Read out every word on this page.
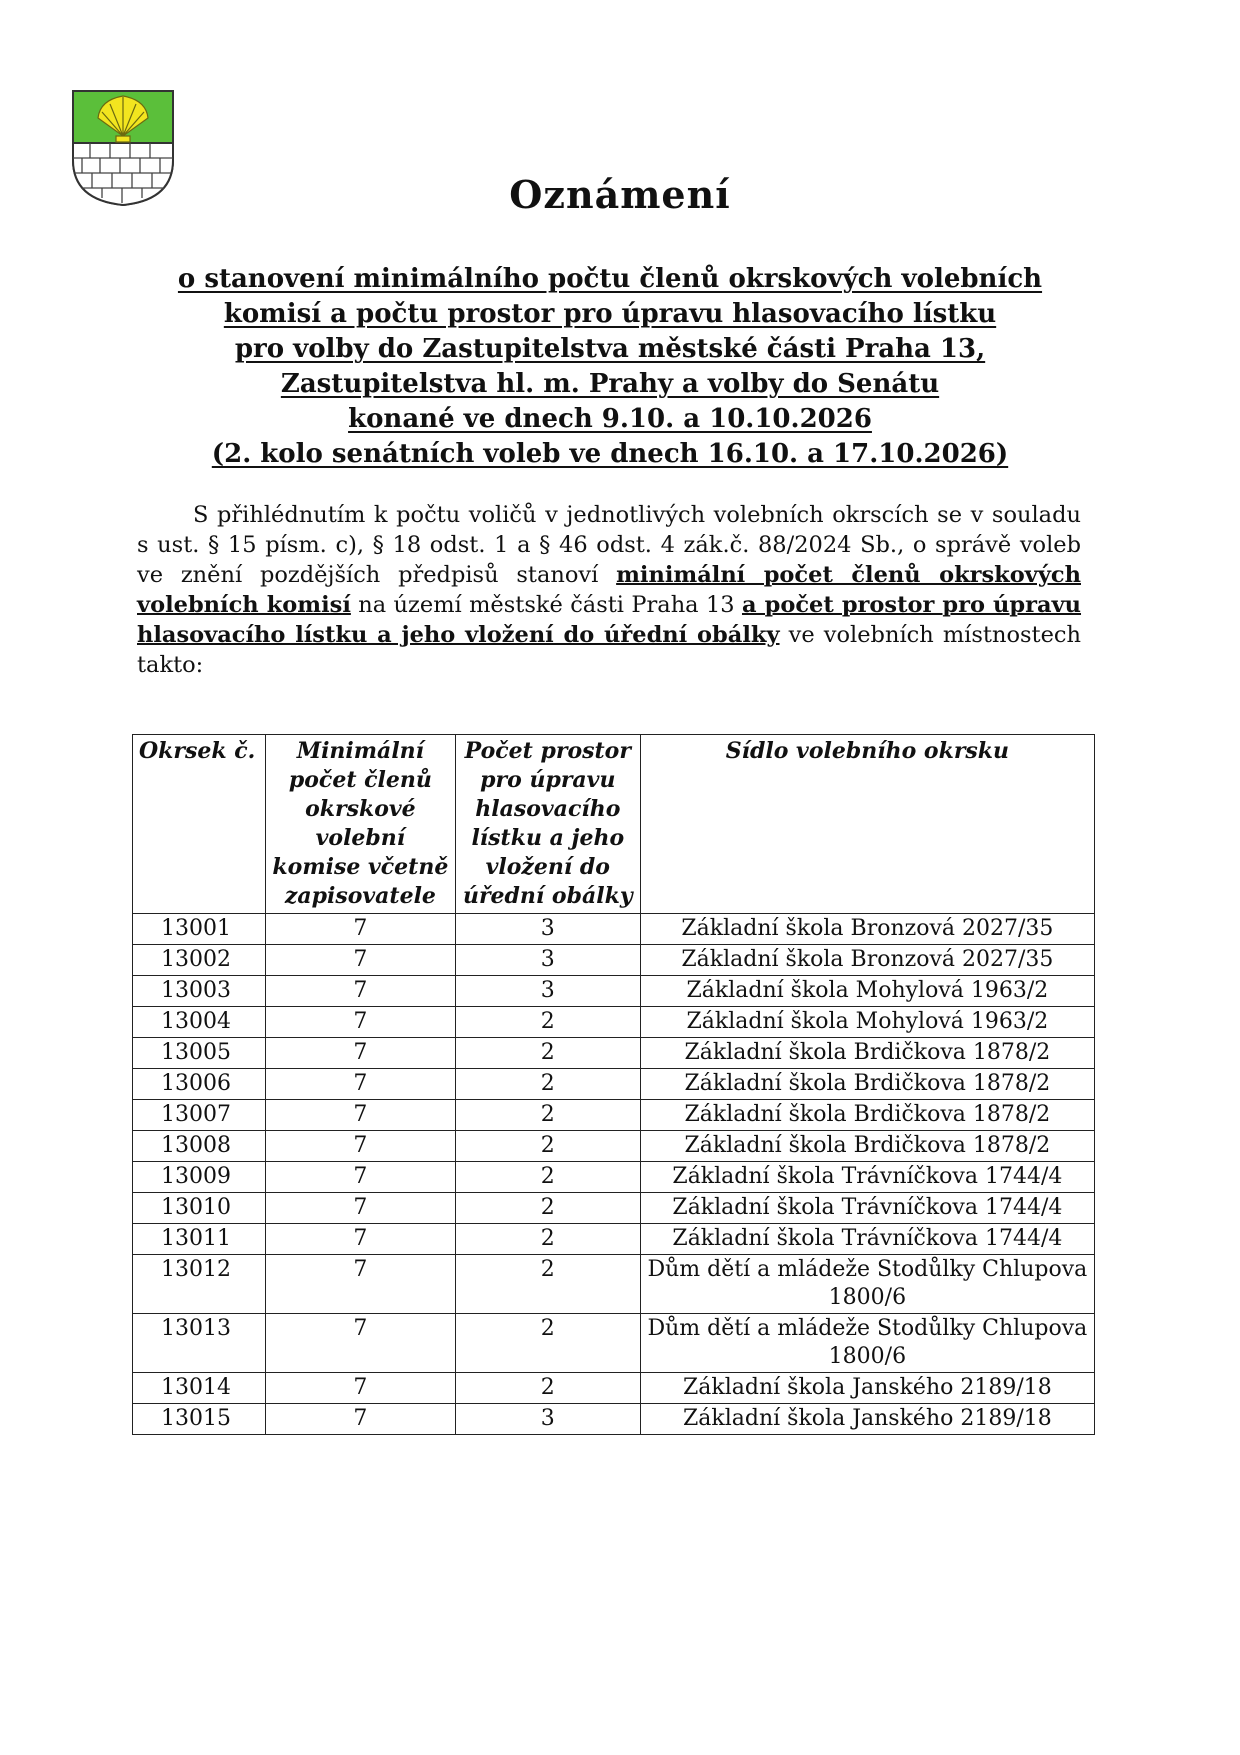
Oznámení
o stanovení minimálního počtu členů okrskových volebních
komisí a počtu prostor pro úpravu hlasovacího lístku
pro volby do Zastupitelstva městské části Praha 13,
Zastupitelstva hl. m. Prahy a volby do Senátu
konané ve dnech 9.10. a 10.10.2026
(2. kolo senátních voleb ve dnech 16.10. a 17.10.2026)
S přihlédnutím k počtu voličů v jednotlivých volebních okrscích se v souladu s ust. § 15 písm. c), § 18 odst. 1 a § 46 odst. 4 zák.č. 88/2024 Sb., o správě voleb ve znění pozdějších předpisů stanoví minimální počet členů okrskových volebních komisí na území městské části Praha 13 a počet prostor pro úpravu hlasovacího lístku a jeho vložení do úřední obálky ve volebních místnostech takto:
Okrsek č.	Minimální počet členů okrskové volební komise včetně zapisovatele	Počet prostor pro úpravu hlasovacího lístku a jeho vložení do úřední obálky	Sídlo volebního okrsku
13001	7	3	Základní škola Bronzová 2027/35
13002	7	3	Základní škola Bronzová 2027/35
13003	7	3	Základní škola Mohylová 1963/2
13004	7	2	Základní škola Mohylová 1963/2
13005	7	2	Základní škola Brdičkova 1878/2
13006	7	2	Základní škola Brdičkova 1878/2
13007	7	2	Základní škola Brdičkova 1878/2
13008	7	2	Základní škola Brdičkova 1878/2
13009	7	2	Základní škola Trávníčkova 1744/4
13010	7	2	Základní škola Trávníčkova 1744/4
13011	7	2	Základní škola Trávníčkova 1744/4
13012	7	2	Dům dětí a mládeže Stodůlky Chlupova 1800/6
13013	7	2	Dům dětí a mládeže Stodůlky Chlupova 1800/6
13014	7	2	Základní škola Janského 2189/18
13015	7	3	Základní škola Janského 2189/18
